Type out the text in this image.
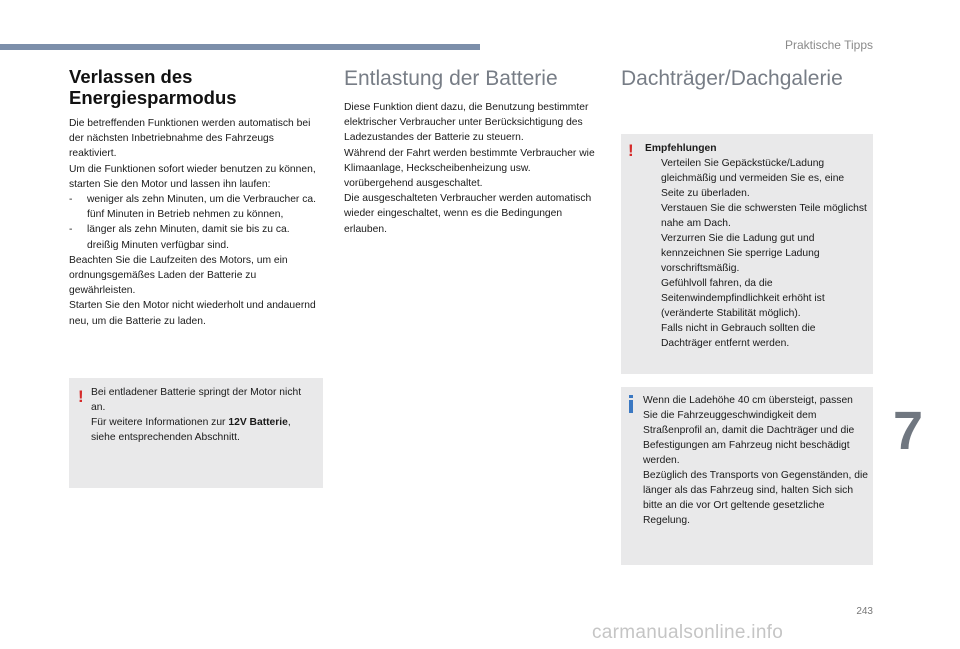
Praktische Tipps
Verlassen des Energiesparmodus

Die betreffenden Funktionen werden automatisch bei der nächsten Inbetriebnahme des Fahrzeugs reaktiviert.

Um die Funktionen sofort wieder benutzen zu können, starten Sie den Motor und lassen ihn laufen:

- weniger als zehn Minuten, um die Verbraucher ca. fünf Minuten in Betrieb nehmen zu können,
- länger als zehn Minuten, damit sie bis zu ca. dreißig Minuten verfügbar sind.

Beachten Sie die Laufzeiten des Motors, um ein ordnungsgemäßes Laden der Batterie zu gewährleisten.

Starten Sie den Motor nicht wiederholt und andauernd neu, um die Batterie zu laden.

! Bei entladener Batterie springt der Motor nicht an.

Für weitere Informationen zur 12V Batterie, siehe entsprechenden Abschnitt.

Entlastung der Batterie

Diese Funktion dient dazu, die Benutzung bestimmter elektrischer Verbraucher unter Berücksichtigung des Ladezustandes der Batterie zu steuern.

Während der Fahrt werden bestimmte Verbraucher wie Klimaanlage, Heckscheibenheizung usw. vorübergehend ausgeschaltet.

Die ausgeschalteten Verbraucher werden automatisch wieder eingeschaltet, wenn es die Bedingungen erlauben.

Dachträger/Dachgalerie
! Empfehlungen

Verteilen Sie Gepäckstücke/Ladung gleichmäßig und vermeiden Sie es, eine Seite zu überladen.
Verstauen Sie die schwersten Teile möglichst nahe am Dach.
Verzurren Sie die Ladung gut und kennzeichnen Sie sperrige Ladung vorschriftsmäßig.
Gefühlvoll fahren, da die Seitenwindempfindlichkeit erhöht ist (veränderte Stabilität möglich).
Falls nicht in Gebrauch sollten die Dachträger entfernt werden.

Wenn die Ladehöhe 40 cm übersteigt, passen Sie die Fahrzeuggeschwindigkeit dem Straßenprofil an, damit die Dachträger und die Befestigungen am Fahrzeug nicht beschädigt werden.

Bezüglich des Transports von Gegenständen, die länger als das Fahrzeug sind, halten Sich sich bitte an die vor Ort geltende gesetzliche Regelung.

7
243
carmanualsonline.info
